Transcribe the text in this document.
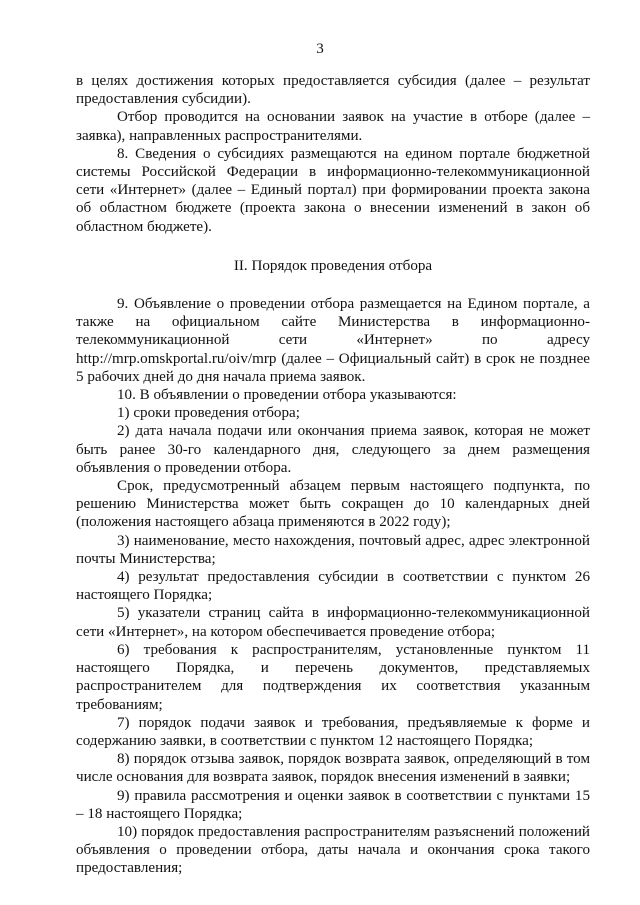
3

в целях достижения которых предоставляется субсидия (далее – результат предоставления субсидии).

Отбор проводится на основании заявок на участие в отборе (далее – заявка), направленных распространителями.

8. Сведения о субсидиях размещаются на едином портале бюджетной системы Российской Федерации в информационно-телекоммуникационной сети «Интернет» (далее – Единый портал) при формировании проекта закона об областном бюджете (проекта закона о внесении изменений в закон об областном бюджете).

II. Порядок проведения отбора

9. Объявление о проведении отбора размещается на Едином портале, а также на официальном сайте Министерства в информационно-телекоммуникационной сети «Интернет» по адресу http://mrp.omskportal.ru/oiv/mrp (далее – Официальный сайт) в срок не позднее 5 рабочих дней до дня начала приема заявок.

10. В объявлении о проведении отбора указываются:

1) сроки проведения отбора;

2) дата начала подачи или окончания приема заявок, которая не может быть ранее 30-го календарного дня, следующего за днем размещения объявления о проведении отбора.

Срок, предусмотренный абзацем первым настоящего подпункта, по решению Министерства может быть сокращен до 10 календарных дней (положения настоящего абзаца применяются в 2022 году);

3) наименование, место нахождения, почтовый адрес, адрес электронной почты Министерства;

4) результат предоставления субсидии в соответствии с пунктом 26 настоящего Порядка;

5) указатели страниц сайта в информационно-телекоммуникационной сети «Интернет», на котором обеспечивается проведение отбора;

6) требования к распространителям, установленные пунктом 11 настоящего Порядка, и перечень документов, представляемых распространителем для подтверждения их соответствия указанным требованиям;

7) порядок подачи заявок и требования, предъявляемые к форме и содержанию заявки, в соответствии с пунктом 12 настоящего Порядка;

8) порядок отзыва заявок, порядок возврата заявок, определяющий в том числе основания для возврата заявок, порядок внесения изменений в заявки;

9) правила рассмотрения и оценки заявок в соответствии с пунктами 15 – 18 настоящего Порядка;

10) порядок предоставления распространителям разъяснений положений объявления о проведении отбора, даты начала и окончания срока такого предоставления;
